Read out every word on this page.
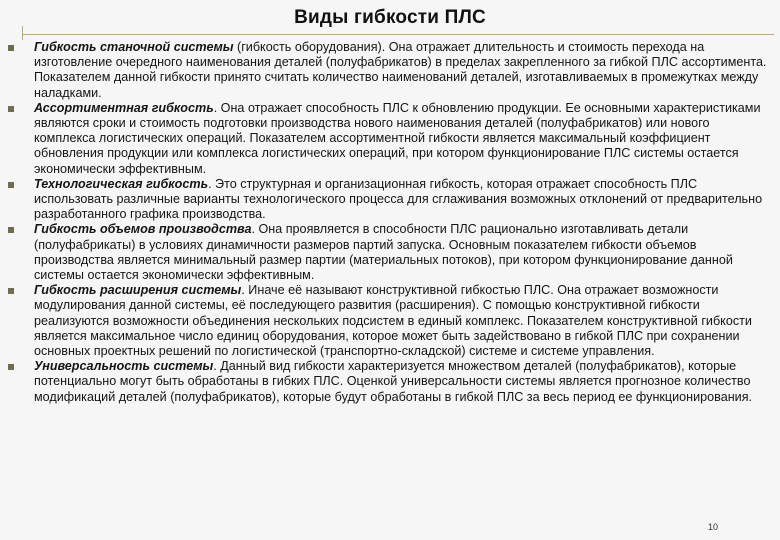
Виды гибкости ПЛС
Гибкость станочной системы (гибкость оборудования). Она отражает длительность и стоимость перехода на изготовление очередного наименования деталей (полуфабрикатов) в пределах закрепленного за гибкой ПЛС ассортимента. Показателем данной гибкости принято считать количество наименований деталей, изготавливаемых в промежутках между наладками.
Ассортиментная гибкость. Она отражает способность ПЛС к обновлению продукции. Ее основными характеристиками являются сроки и стоимость подготовки производства нового наименования деталей (полуфабрикатов) или нового комплекса логистических операций. Показателем ассортиментной гибкости является максимальный коэффициент обновления продукции или комплекса логистических операций, при котором функционирование ПЛС системы остается экономически эффективным.
Технологическая гибкость. Это структурная и организационная гибкость, которая отражает способность ПЛС использовать различные варианты технологического процесса для сглаживания возможных отклонений от предварительно разработанного графика производства.
Гибкость объемов производства. Она проявляется в способности ПЛС рационально изготавливать детали (полуфабрикаты) в условиях динамичности размеров партий запуска. Основным показателем гибкости объемов производства является минимальный размер партии (материальных потоков), при котором функционирование данной системы остается экономически эффективным.
Гибкость расширения системы. Иначе её называют конструктивной гибкостью ПЛС. Она отражает возможности модулирования данной системы, её последующего развития (расширения). С помощью конструктивной гибкости реализуются возможности объединения нескольких подсистем в единый комплекс. Показателем конструктивной гибкости является максимальное число единиц оборудования, которое может быть задействовано в гибкой ПЛС при сохранении основных проектных решений по логистической (транспортно-складской) системе и системе управления.
Универсальность системы. Данный вид гибкости характеризуется множеством деталей (полуфабрикатов), которые потенциально могут быть обработаны в гибких ПЛС. Оценкой универсальности системы является прогнозное количество модификаций деталей (полуфабрикатов), которые будут обработаны в гибкой ПЛС за весь период ее функционирования.
10
